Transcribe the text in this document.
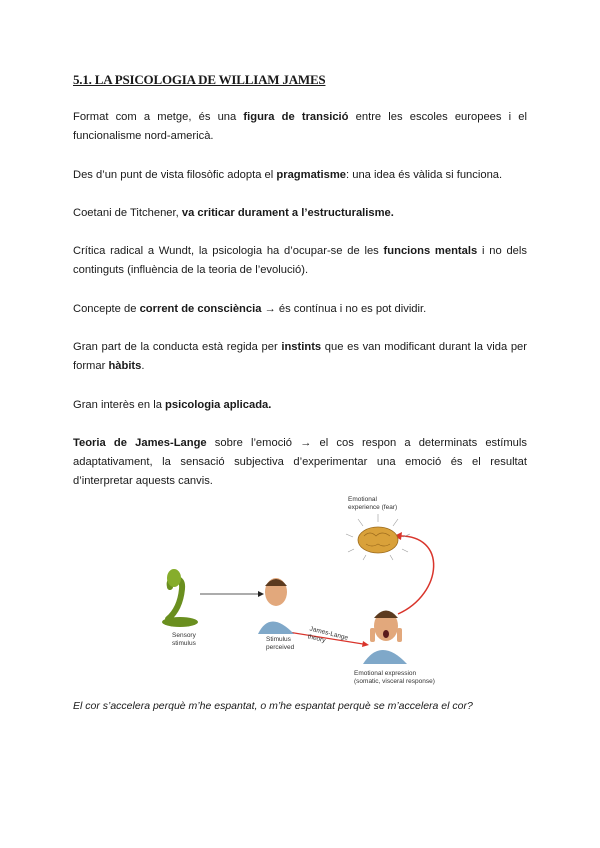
5.1. LA PSICOLOGIA DE WILLIAM JAMES

Format com a metge, és una figura de transició entre les escoles europees i el funcionalisme nord-americà.

Des d’un punt de vista filosòfic adopta el pragmatisme: una idea és vàlida si funciona.

Coetani de Titchener, va criticar durament a l’estructuralisme.

Crítica radical a Wundt, la psicologia ha d’ocupar-se de les funcions mentals i no dels continguts (influència de la teoria de l’evolució).

Concepte de corrent de consciència → és contínua i no es pot dividir.

Gran part de la conducta està regida per instints que es van modificant durant la vida per formar hàbits.

Gran interès en la psicologia aplicada.

Teoria de James-Lange sobre l’emoció → el cos respon a determinats estímuls adaptativament, la sensació subjectiva d’experimentar una emoció és el resultat d’interpretar aquests canvis.

Emotional
experience (fear)
Sensory
stimulus
Stimulus
perceived
James-Lange
theory
Emotional expression
(somatic, visceral response)

El cor s’accelera perquè m’he espantat, o m’he espantat perquè se m’accelera el cor?
